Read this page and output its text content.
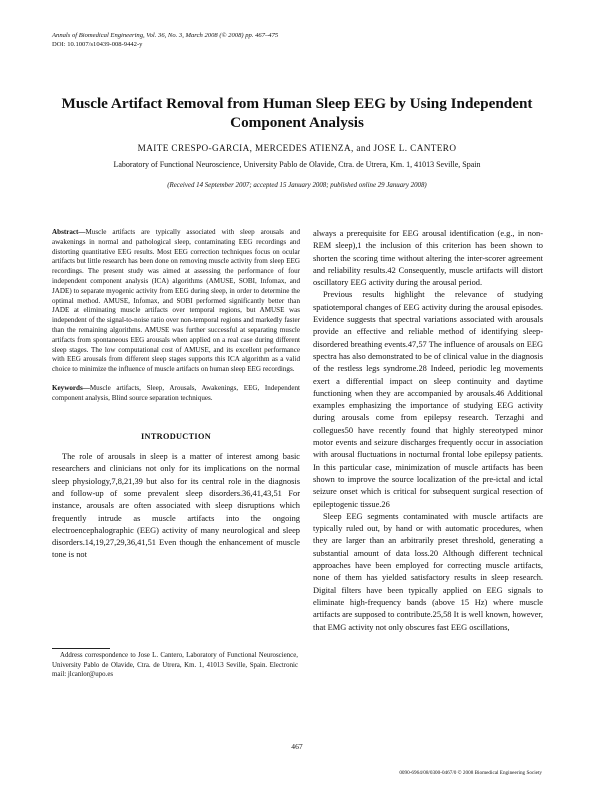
Annals of Biomedical Engineering, Vol. 36, No. 3, March 2008 (© 2008) pp. 467–475
DOI: 10.1007/s10439-008-9442-y
Muscle Artifact Removal from Human Sleep EEG by Using Independent Component Analysis
MAITE CRESPO-GARCIA, MERCEDES ATIENZA, and JOSE L. CANTERO
Laboratory of Functional Neuroscience, University Pablo de Olavide, Ctra. de Utrera, Km. 1, 41013 Seville, Spain
(Received 14 September 2007; accepted 15 January 2008; published online 29 January 2008)
Abstract—Muscle artifacts are typically associated with sleep arousals and awakenings in normal and pathological sleep, contaminating EEG recordings and distorting quantitative EEG results. Most EEG correction techniques focus on ocular artifacts but little research has been done on removing muscle activity from sleep EEG recordings. The present study was aimed at assessing the performance of four independent component analysis (ICA) algorithms (AMUSE, SOBI, Infomax, and JADE) to separate myogenic activity from EEG during sleep, in order to determine the optimal method. AMUSE, Infomax, and SOBI performed significantly better than JADE at eliminating muscle artifacts over temporal regions, but AMUSE was independent of the signal-to-noise ratio over non-temporal regions and markedly faster than the remaining algorithms. AMUSE was further successful at separating muscle artifacts from spontaneous EEG arousals when applied on a real case during different sleep stages. The low computational cost of AMUSE, and its excellent performance with EEG arousals from different sleep stages supports this ICA algorithm as a valid choice to minimize the influence of muscle artifacts on human sleep EEG recordings.
Keywords—Muscle artifacts, Sleep, Arousals, Awakenings, EEG, Independent component analysis, Blind source separation techniques.
INTRODUCTION

The role of arousals in sleep is a matter of interest among basic researchers and clinicians not only for its implications on the normal sleep physiology,7,8,21,39 but also for its central role in the diagnosis and follow-up of some prevalent sleep disorders.36,41,43,51 For instance, arousals are often associated with sleep disruptions which frequently intrude as muscle artifacts into the ongoing electroencephalographic (EEG) activity of many neurological and sleep disorders.14,19,27,29,36,41,51 Even though the enhancement of muscle tone is not

Address correspondence to Jose L. Cantero, Laboratory of Functional Neuroscience, University Pablo de Olavide, Ctra. de Utrera, Km. 1, 41013 Seville, Spain. Electronic mail: jlcanlor@upo.es

always a prerequisite for EEG arousal identification (e.g., in non-REM sleep),1 the inclusion of this criterion has been shown to shorten the scoring time without altering the inter-scorer agreement and reliability results.42 Consequently, muscle artifacts will distort oscillatory EEG activity during the arousal period.

Previous results highlight the relevance of studying spatiotemporal changes of EEG activity during the arousal episodes. Evidence suggests that spectral variations associated with arousals provide an effective and reliable method of identifying sleep-disordered breathing events.47,57 The influence of arousals on EEG spectra has also demonstrated to be of clinical value in the diagnosis of the restless legs syndrome.28 Indeed, periodic leg movements exert a differential impact on sleep continuity and daytime functioning when they are accompanied by arousals.46 Additional examples emphasizing the importance of studying EEG activity during arousals come from epilepsy research. Terzaghi and collegues50 have recently found that highly stereotyped minor motor events and seizure discharges frequently occur in association with arousal fluctuations in nocturnal frontal lobe epilepsy patients. In this particular case, minimization of muscle artifacts has been shown to improve the source localization of the pre-ictal and ictal seizure onset which is critical for subsequent surgical resection of epileptogenic tissue.26

Sleep EEG segments contaminated with muscle artifacts are typically ruled out, by hand or with automatic procedures, when they are larger than an arbitrarily preset threshold, generating a substantial amount of data loss.20 Although different technical approaches have been employed for correcting muscle artifacts, none of them has yielded satisfactory results in sleep research. Digital filters have been typically applied on EEG signals to eliminate high-frequency bands (above 15 Hz) where muscle artifacts are supposed to contribute.25,58 It is well known, however, that EMG activity not only obscures fast EEG oscillations,

467
0090-6964/08/0300-0467/0 © 2008 Biomedical Engineering Society
